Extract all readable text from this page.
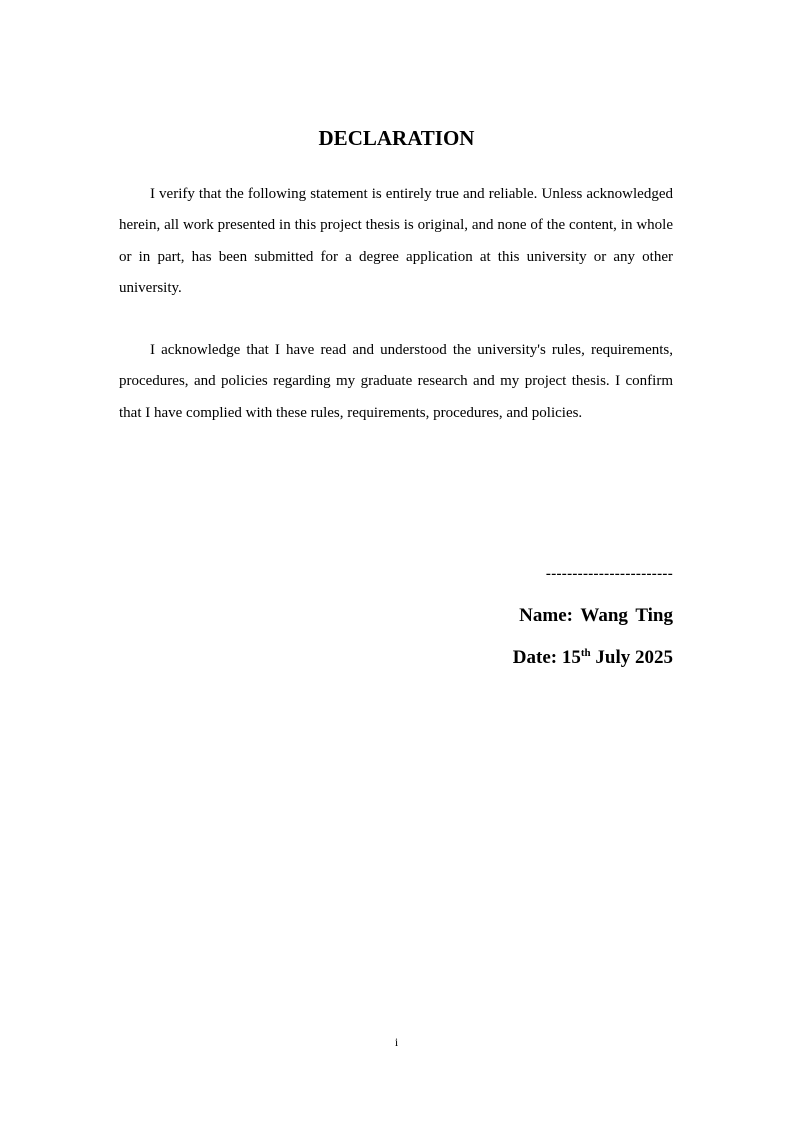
DECLARATION

I verify that the following statement is entirely true and reliable. Unless acknowledged herein, all work presented in this project thesis is original, and none of the content, in whole or in part, has been submitted for a degree application at this university or any other university.

I acknowledge that I have read and understood the university's rules, requirements, procedures, and policies regarding my graduate research and my project thesis. I confirm that I have complied with these rules, requirements, procedures, and policies.

------------------------
Name: Wang Ting
Date: 15th July 2025
i
